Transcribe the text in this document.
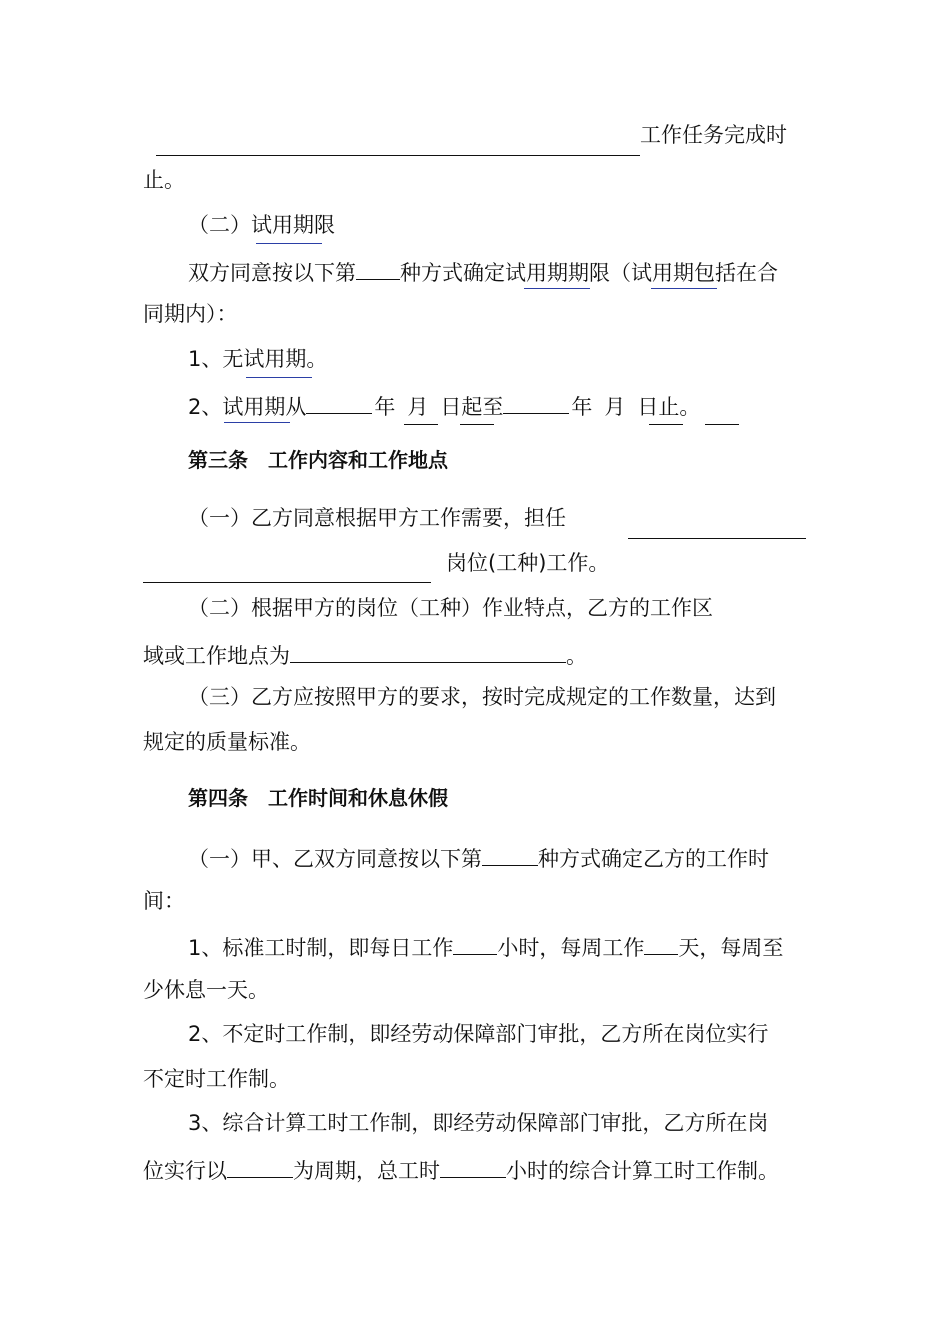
工作任务完成时
止。
（二）试用期限
双方同意按以下第 种方式确定试用期期限（试用期包括在合
同期内）：
1、无试用期。
2、试用期从	年 月 日起至	年 月 日止。
第三条　工作内容和工作地点
（一）乙方同意根据甲方工作需要，担任
岗位(工种)工作。
（二）根据甲方的岗位（工种）作业特点，乙方的工作区
域或工作地点为	。
（三）乙方应按照甲方的要求，按时完成规定的工作数量，达到
规定的质量标准。
第四条　工作时间和休息休假
（一）甲、乙双方同意按以下第	种方式确定乙方的工作时
间：
1、标准工时制，即每日工作 小时，每周工作 天，每周至
少休息一天。
2、不定时工作制，即经劳动保障部门审批，乙方所在岗位实行
不定时工作制。
3、综合计算工时工作制，即经劳动保障部门审批，乙方所在岗
位实行以	为周期，总工时	小时的综合计算工时工作制。
